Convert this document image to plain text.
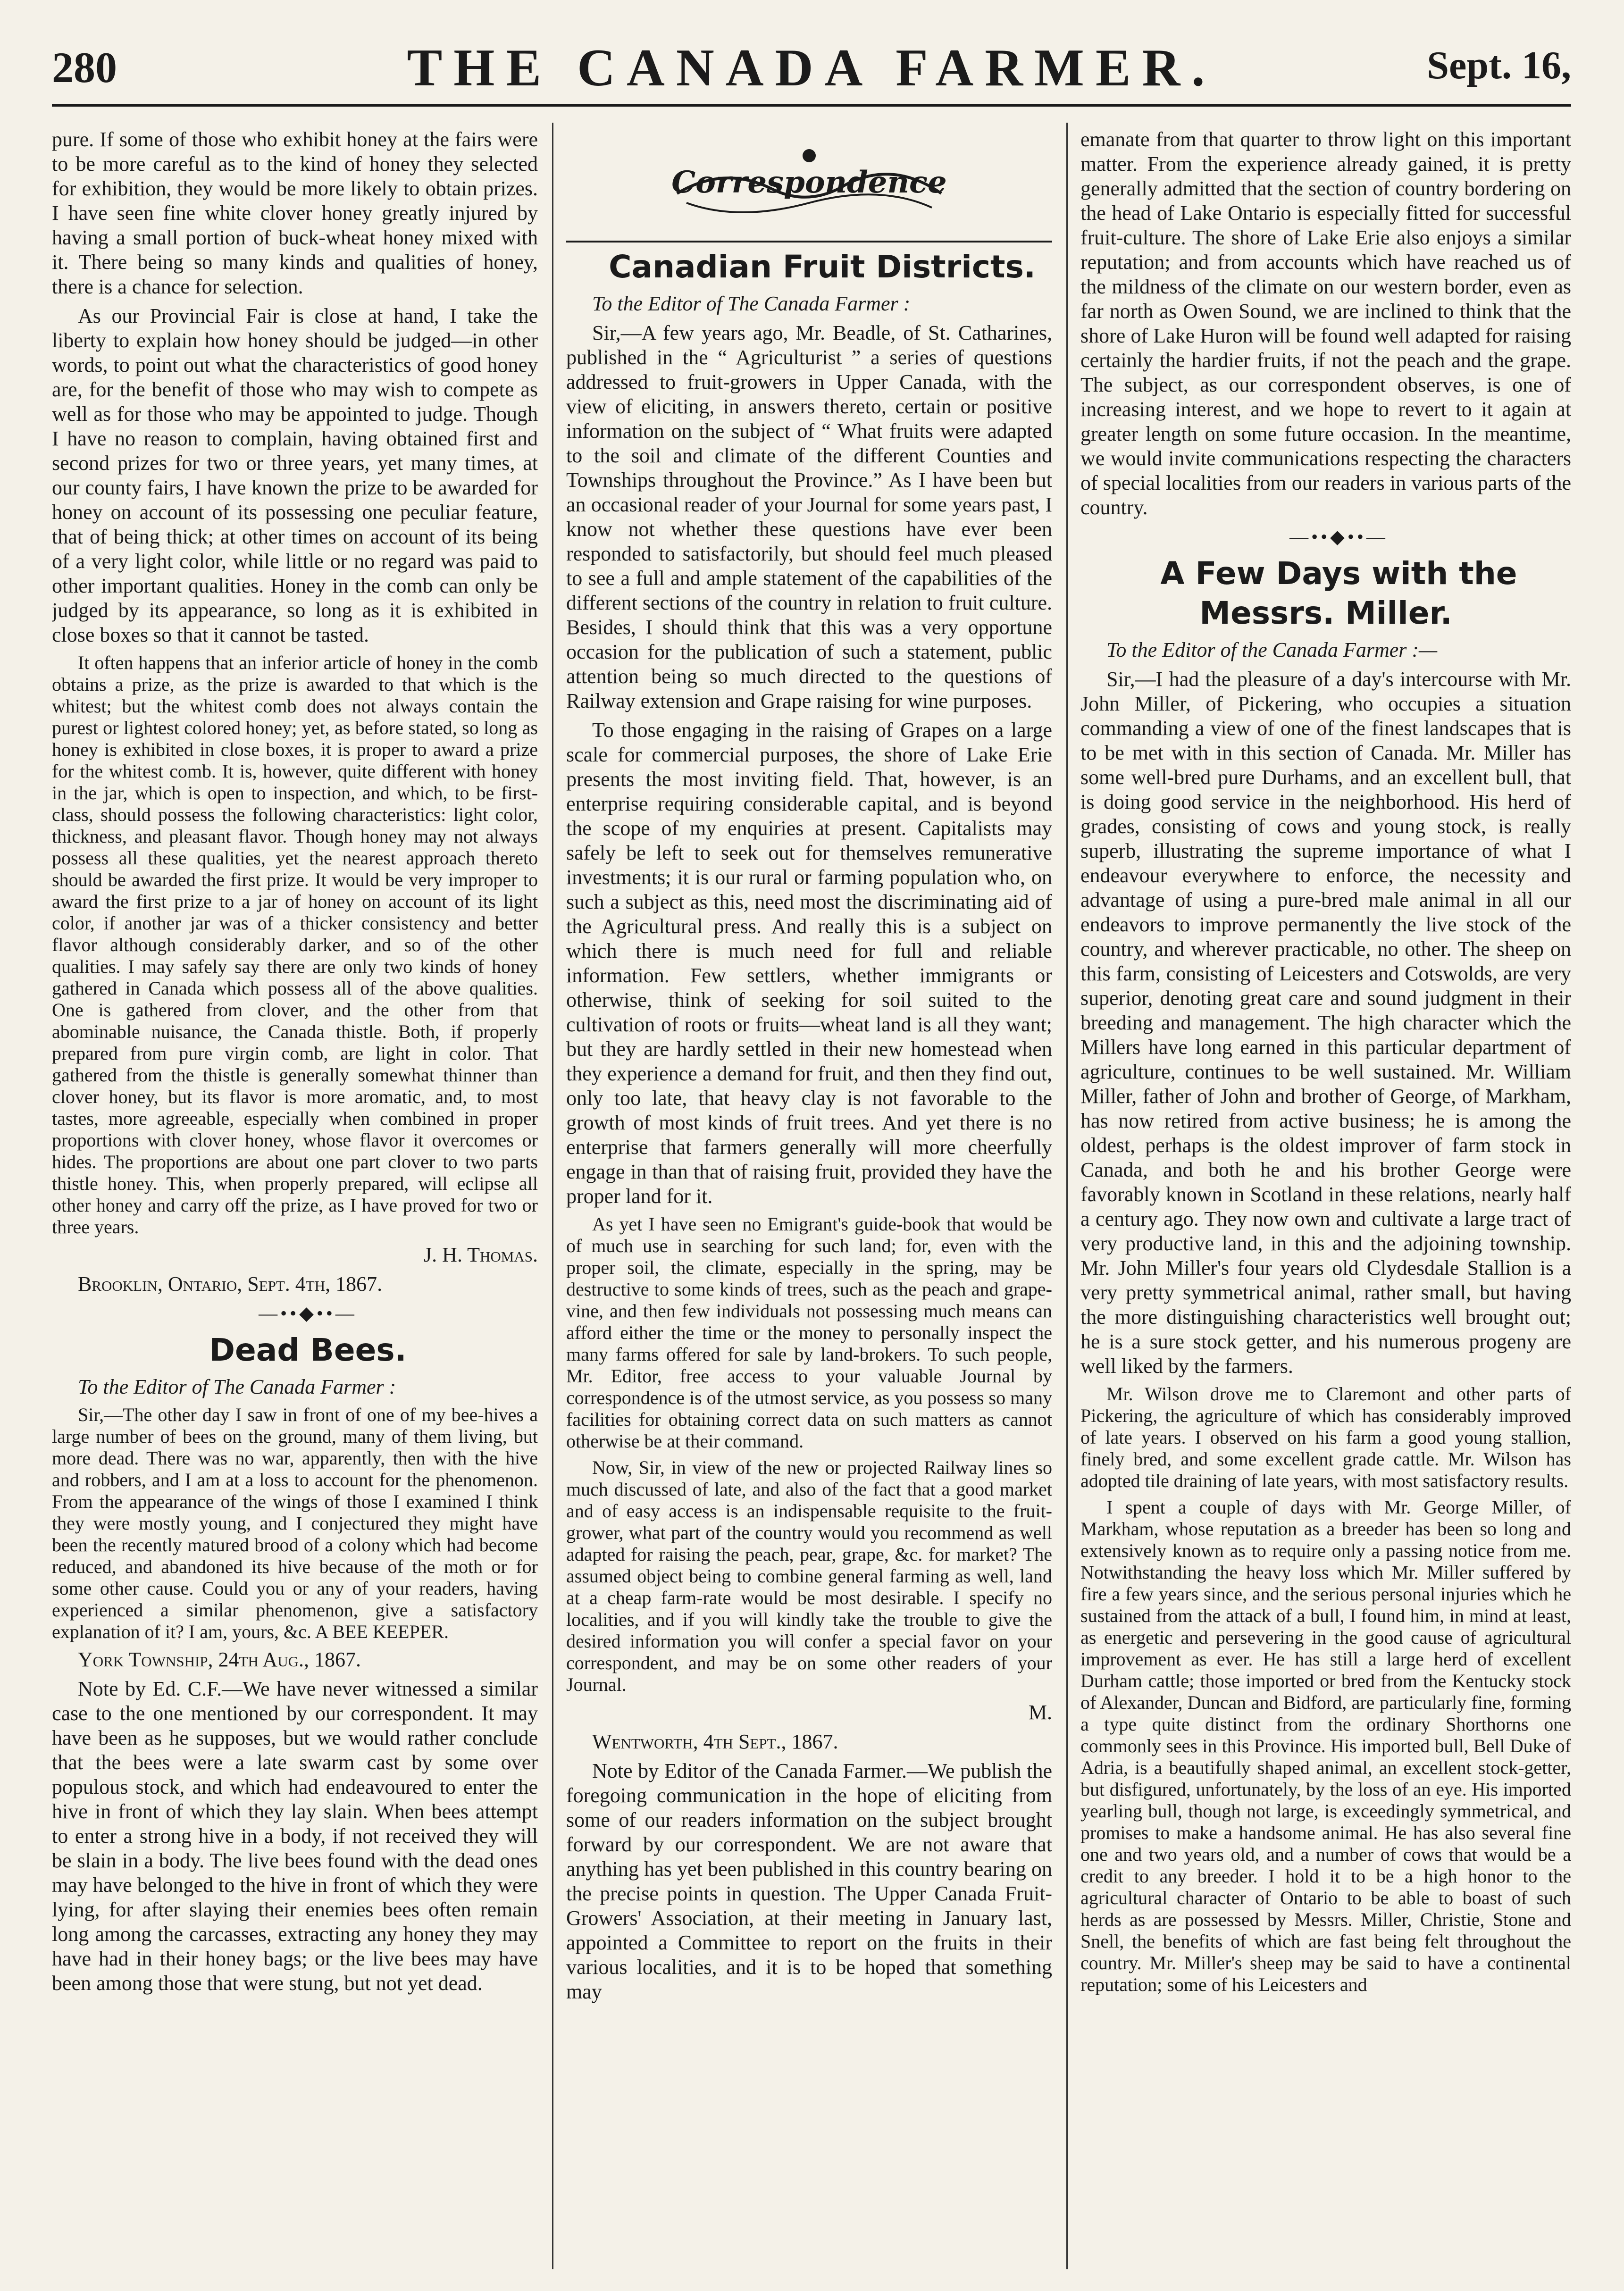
280	THE CANADA FARMER.	Sept. 16,

pure. If some of those who exhibit honey at the fairs were to be more careful as to the kind of honey they selected for exhibition, they would be more likely to obtain prizes. I have seen fine white clover honey greatly injured by having a small portion of buck-wheat honey mixed with it. There being so many kinds and qualities of honey, there is a chance for selection.

As our Provincial Fair is close at hand, I take the liberty to explain how honey should be judged—in other words, to point out what the characteristics of good honey are, for the benefit of those who may wish to compete as well as for those who may be appointed to judge. Though I have no reason to complain, having obtained first and second prizes for two or three years, yet many times, at our county fairs, I have known the prize to be awarded for honey on account of its possessing one peculiar feature, that of being thick; at other times on account of its being of a very light color, while little or no regard was paid to other important qualities. Honey in the comb can only be judged by its appearance, so long as it is exhibited in close boxes so that it cannot be tasted.

It often happens that an inferior article of honey in the comb obtains a prize, as the prize is awarded to that which is the whitest; but the whitest comb does not always contain the purest or lightest colored honey; yet, as before stated, so long as honey is exhibited in close boxes, it is proper to award a prize for the whitest comb. It is, however, quite different with honey in the jar, which is open to inspection, and which, to be first-class, should possess the following characteristics: light color, thickness, and pleasant flavor. Though honey may not always possess all these qualities, yet the nearest approach thereto should be awarded the first prize. It would be very improper to award the first prize to a jar of honey on account of its light color, if another jar was of a thicker consistency and better flavor although considerably darker, and so of the other qualities. I may safely say there are only two kinds of honey gathered in Canada which possess all of the above qualities. One is gathered from clover, and the other from that abominable nuisance, the Canada thistle. Both, if properly prepared from pure virgin comb, are light in color. That gathered from the thistle is generally somewhat thinner than clover honey, but its flavor is more aromatic, and, to most tastes, more agreeable, especially when combined in proper proportions with clover honey, whose flavor it overcomes or hides. The proportions are about one part clover to two parts thistle honey. This, when properly prepared, will eclipse all other honey and carry off the prize, as I have proved for two or three years.

J. H. Thomas.

Brooklin, Ontario, Sept. 4th, 1867.

—••◆••—

Dead Bees.

To the Editor of The Canada Farmer :

Sir,—The other day I saw in front of one of my bee-hives a large number of bees on the ground, many of them living, but more dead. There was no war, apparently, then with the hive and robbers, and I am at a loss to account for the phenomenon. From the appearance of the wings of those I examined I think they were mostly young, and I conjectured they might have been the recently matured brood of a colony which had become reduced, and abandoned its hive because of the moth or for some other cause. Could you or any of your readers, having experienced a similar phenomenon, give a satisfactory explanation of it? I am, yours, &c. A BEE KEEPER.

York Township, 24th Aug., 1867.

Note by Ed. C.F.—We have never witnessed a similar case to the one mentioned by our correspondent. It may have been as he supposes, but we would rather conclude that the bees were a late swarm cast by some over populous stock, and which had endeavoured to enter the hive in front of which they lay slain. When bees attempt to enter a strong hive in a body, if not received they will be slain in a body. The live bees found with the dead ones may have belonged to the hive in front of which they were lying, for after slaying their enemies bees often remain long among the carcasses, extracting any honey they may have had in their honey bags; or the live bees may have been among those that were stung, but not yet dead.

Correspondence

Canadian Fruit Districts.

To the Editor of The Canada Farmer :

Sir,—A few years ago, Mr. Beadle, of St. Catharines, published in the “ Agriculturist ” a series of questions addressed to fruit-growers in Upper Canada, with the view of eliciting, in answers thereto, certain or positive information on the subject of “ What fruits were adapted to the soil and climate of the different Counties and Townships throughout the Province.” As I have been but an occasional reader of your Journal for some years past, I know not whether these questions have ever been responded to satisfactorily, but should feel much pleased to see a full and ample statement of the capabilities of the different sections of the country in relation to fruit culture. Besides, I should think that this was a very opportune occasion for the publication of such a statement, public attention being so much directed to the questions of Railway extension and Grape raising for wine purposes.

To those engaging in the raising of Grapes on a large scale for commercial purposes, the shore of Lake Erie presents the most inviting field. That, however, is an enterprise requiring considerable capital, and is beyond the scope of my enquiries at present. Capitalists may safely be left to seek out for themselves remunerative investments; it is our rural or farming population who, on such a subject as this, need most the discriminating aid of the Agricultural press. And really this is a subject on which there is much need for full and reliable information. Few settlers, whether immigrants or otherwise, think of seeking for soil suited to the cultivation of roots or fruits—wheat land is all they want; but they are hardly settled in their new homestead when they experience a demand for fruit, and then they find out, only too late, that heavy clay is not favorable to the growth of most kinds of fruit trees. And yet there is no enterprise that farmers generally will more cheerfully engage in than that of raising fruit, provided they have the proper land for it.

As yet I have seen no Emigrant's guide-book that would be of much use in searching for such land; for, even with the proper soil, the climate, especially in the spring, may be destructive to some kinds of trees, such as the peach and grape-vine, and then few individuals not possessing much means can afford either the time or the money to personally inspect the many farms offered for sale by land-brokers. To such people, Mr. Editor, free access to your valuable Journal by correspondence is of the utmost service, as you possess so many facilities for obtaining correct data on such matters as cannot otherwise be at their command.

Now, Sir, in view of the new or projected Railway lines so much discussed of late, and also of the fact that a good market and of easy access is an indispensable requisite to the fruit-grower, what part of the country would you recommend as well adapted for raising the peach, pear, grape, &c. for market? The assumed object being to combine general farming as well, land at a cheap farm-rate would be most desirable. I specify no localities, and if you will kindly take the trouble to give the desired information you will confer a special favor on your correspondent, and may be on some other readers of your Journal.

M.

Wentworth, 4th Sept., 1867.

Note by Editor of the Canada Farmer.—We publish the foregoing communication in the hope of eliciting from some of our readers information on the subject brought forward by our correspondent. We are not aware that anything has yet been published in this country bearing on the precise points in question. The Upper Canada Fruit-Growers' Association, at their meeting in January last, appointed a Committee to report on the fruits in their various localities, and it is to be hoped that something may

emanate from that quarter to throw light on this important matter. From the experience already gained, it is pretty generally admitted that the section of country bordering on the head of Lake Ontario is especially fitted for successful fruit-culture. The shore of Lake Erie also enjoys a similar reputation; and from accounts which have reached us of the mildness of the climate on our western border, even as far north as Owen Sound, we are inclined to think that the shore of Lake Huron will be found well adapted for raising certainly the hardier fruits, if not the peach and the grape. The subject, as our correspondent observes, is one of increasing interest, and we hope to revert to it again at greater length on some future occasion. In the meantime, we would invite communications respecting the characters of special localities from our readers in various parts of the country.

—••◆••—

A Few Days with the Messrs. Miller.

To the Editor of the Canada Farmer :—

Sir,—I had the pleasure of a day's intercourse with Mr. John Miller, of Pickering, who occupies a situation commanding a view of one of the finest landscapes that is to be met with in this section of Canada. Mr. Miller has some well-bred pure Durhams, and an excellent bull, that is doing good service in the neighborhood. His herd of grades, consisting of cows and young stock, is really superb, illustrating the supreme importance of what I endeavour everywhere to enforce, the necessity and advantage of using a pure-bred male animal in all our endeavors to improve permanently the live stock of the country, and wherever practicable, no other. The sheep on this farm, consisting of Leicesters and Cotswolds, are very superior, denoting great care and sound judgment in their breeding and management. The high character which the Millers have long earned in this particular department of agriculture, continues to be well sustained. Mr. William Miller, father of John and brother of George, of Markham, has now retired from active business; he is among the oldest, perhaps is the oldest improver of farm stock in Canada, and both he and his brother George were favorably known in Scotland in these relations, nearly half a century ago. They now own and cultivate a large tract of very productive land, in this and the adjoining township. Mr. John Miller's four years old Clydesdale Stallion is a very pretty symmetrical animal, rather small, but having the more distinguishing characteristics well brought out; he is a sure stock getter, and his numerous progeny are well liked by the farmers.

Mr. Wilson drove me to Claremont and other parts of Pickering, the agriculture of which has considerably improved of late years. I observed on his farm a good young stallion, finely bred, and some excellent grade cattle. Mr. Wilson has adopted tile draining of late years, with most satisfactory results.

I spent a couple of days with Mr. George Miller, of Markham, whose reputation as a breeder has been so long and extensively known as to require only a passing notice from me. Notwithstanding the heavy loss which Mr. Miller suffered by fire a few years since, and the serious personal injuries which he sustained from the attack of a bull, I found him, in mind at least, as energetic and persevering in the good cause of agricultural improvement as ever. He has still a large herd of excellent Durham cattle; those imported or bred from the Kentucky stock of Alexander, Duncan and Bidford, are particularly fine, forming a type quite distinct from the ordinary Shorthorns one commonly sees in this Province. His imported bull, Bell Duke of Adria, is a beautifully shaped animal, an excellent stock-getter, but disfigured, unfortunately, by the loss of an eye. His imported yearling bull, though not large, is exceedingly symmetrical, and promises to make a handsome animal. He has also several fine one and two years old, and a number of cows that would be a credit to any breeder. I hold it to be a high honor to the agricultural character of Ontario to be able to boast of such herds as are possessed by Messrs. Miller, Christie, Stone and Snell, the benefits of which are fast being felt throughout the country. Mr. Miller's sheep may be said to have a continental reputation; some of his Leicesters and
